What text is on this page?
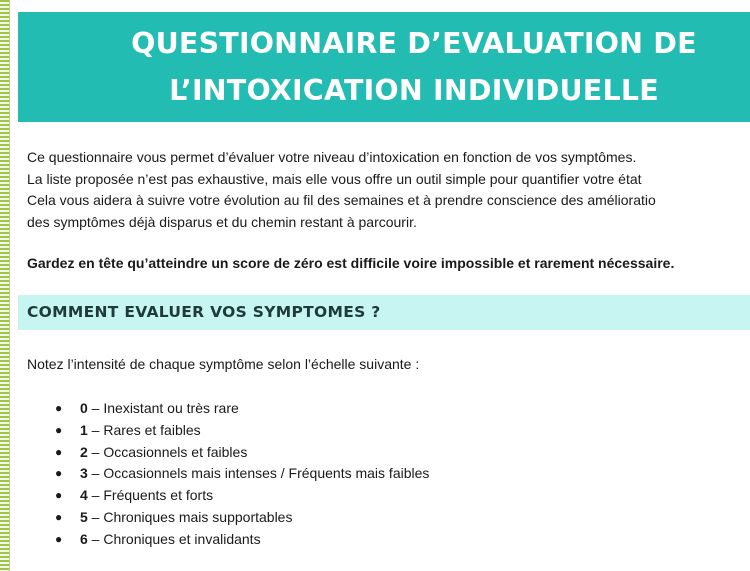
QUESTIONNAIRE D’EVALUATION DE
L’INTOXICATION INDIVIDUELLE
Ce questionnaire vous permet d’évaluer votre niveau d’intoxication en fonction de vos symptômes.
La liste proposée n’est pas exhaustive, mais elle vous offre un outil simple pour quantifier votre état
Cela vous aidera à suivre votre évolution au fil des semaines et à prendre conscience des amélioratio
des symptômes déjà disparus et du chemin restant à parcourir.
Gardez en tête qu’atteindre un score de zéro est difficile voire impossible et rarement nécessaire.
COMMENT EVALUER VOS SYMPTOMES ?
Notez l’intensité de chaque symptôme selon l’échelle suivante :
● 0 – Inexistant ou très rare
● 1 – Rares et faibles
● 2 – Occasionnels et faibles
● 3 – Occasionnels mais intenses / Fréquents mais faibles
● 4 – Fréquents et forts
● 5 – Chroniques mais supportables
● 6 – Chroniques et invalidants
